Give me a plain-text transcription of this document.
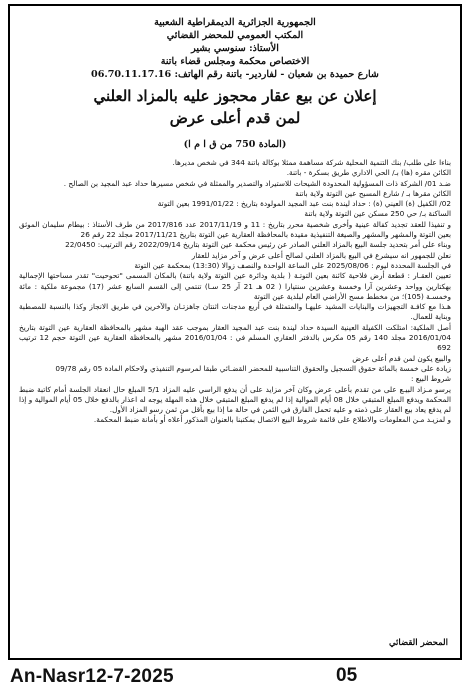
الجمهورية الجزائرية الديمقراطية الشعبية
المكتب العمومي للمحضر القضائي
الأستاذ: سنوسي بشير
الاختصاص محكمة ومجلس قضاء باتنة
شارع حميدة بن شعبان - لفاردير- باتنة رقم الهاتف: 06.70.11.17.16
إعلان عن بيع عقار محجوز عليه بالمزاد العلني
لمن قدم أعلى عرض
(المادة 750 من ق ا م ا)

بناءا على طلب/ بنك التنمية المحلية شركة مساهمة ممثلا بوكالة باتنة 344 في شخص مديرها.

الكائن مقره (ها) بـ/ الحي الاداري طريق بسكرة - باتنة.

ضـد 01/ الشركة ذات المسؤولية المحدودة الشيحات للاستيراد والتصدير والممثلة في شخص مسيرها حداد عبد المجيد بن الصالح .

الكائن مقرها بـ / شارع المسبح عين التوتة ولاية باتنة

02/ الكفيل (ة) العيني (ة) : حداد ليندة بنت عبد المجيد المولودة بتاريخ : 1991/01/22 بعين التوتة

الساكنة بـ/ حي 250 مسكن عين التوتة ولاية باتنة

و تنفيذا للعقد تجديد كفالة عينية وأخرى شخصية محرر بتاريخ : 11 و 2017/11/19 عدد 2017/816 من طرف الأستاذ : بيطام سليمان الموثق بعين التوتة والمشهر والمشهر والصيغة التنفيذية مقيدة بالمحافظة العقارية عين التوتة بتاريخ 2017/11/21 مجلد 22 رقم 26

وبناء على أمر بتحديد جلسة البيع بالمزاد العلني الصادر عن رئيس محكمة عين التوتة بتاريخ 2022/09/14 رقم الترتيب: 22/0450

نعلن للجمهور انه سيشرع في البيع بالمزاد العلني لصالح أعلى عرض و آخر مزايد للعقار

في الجلسة المحددة ليوم : 2025/08/06 على الساعة الواحدة والنصف زوالا (13:30) بمحكمة عين التوتة

تعيين العقـار : قطعة أرض فلاحية كائنة بعين التوتـة ( بلدية ودائرة عين التوتة ولاية باتنة) بالمكان المسمى "تحوحيت" تقدر مساحتها الإجمالية بهكتارين وواحد وعشرين آرا وخمسة وعشرين سنتيارا ( 02 هـ 21 آر 25 سـا) تنتمي إلى القسم السابع عشر (17) مجموعة ملكية : مائة وخمسـة (105)؛ من مخطط مسح الأراضي العام لبلدية عين التوتة

هـذا مع كافـة التجهيزات والبنايات المشيد عليهـا والمتمثلة في أربع مدجنات اثنتان جاهزتـان والآخرين في طريق الانجاز وكذا بالنسبة للمصطبة وبناية للعمال.

أصل الملكية: امتلكت الكفيلة العينية السيدة حداد ليندة بنت عبد المجيد العقار بموجب عقد الهبة مشهر بالمحافظة العقارية عين التوتة بتاريخ 2016/01/04 مجلد 140 رقم 05 مكرس بالدفتر العقاري المسلم في : 2016/01/04 مشهر بالمحافظة العقارية عين التوتة حجم 12 ترتيب 692

والبيع يكون لمن قدم أعلى عرض

زيادة على خمسة بالمائة حقوق التسجيل والحقوق التناسبية للمحضر القضـائي طبقا لمرسوم التنفيذي ولاحكام المادة 05 رقم 09/78

شروط البيع :

يرسو مـزاد البيـع على من تقدم بأعلى عرض وكان آخر مزايد على أن يدفع الراسي عليه المزاد 5/1 المبلغ حال انعقاد الجلسة أمام كاتبة ضبط المحكمة ويدفع المبلغ المتبقي خلال 08 أيام الموالية إذا لم يدفع المبلغ المتبقي خلال هذه المهلة يوجه له اعذار بالدفع خلال 05 أيام الموالية و إذا لم يدفع يعاد بيع العقار على ذمته و عليه تحمل الفارق في الثمن في حالة ما إذا بيع بأقل من ثمن رسو المزاد الأول.

و لمزيـد مـن المعلومات والاطلاع على قائمة شروط البيع الاتصال بمكتبنا بالعنوان المذكور أعلاه أو بأمانة ضبط المحكمة.

المحضر القضائي
An-Nasr12-7-2025	05
